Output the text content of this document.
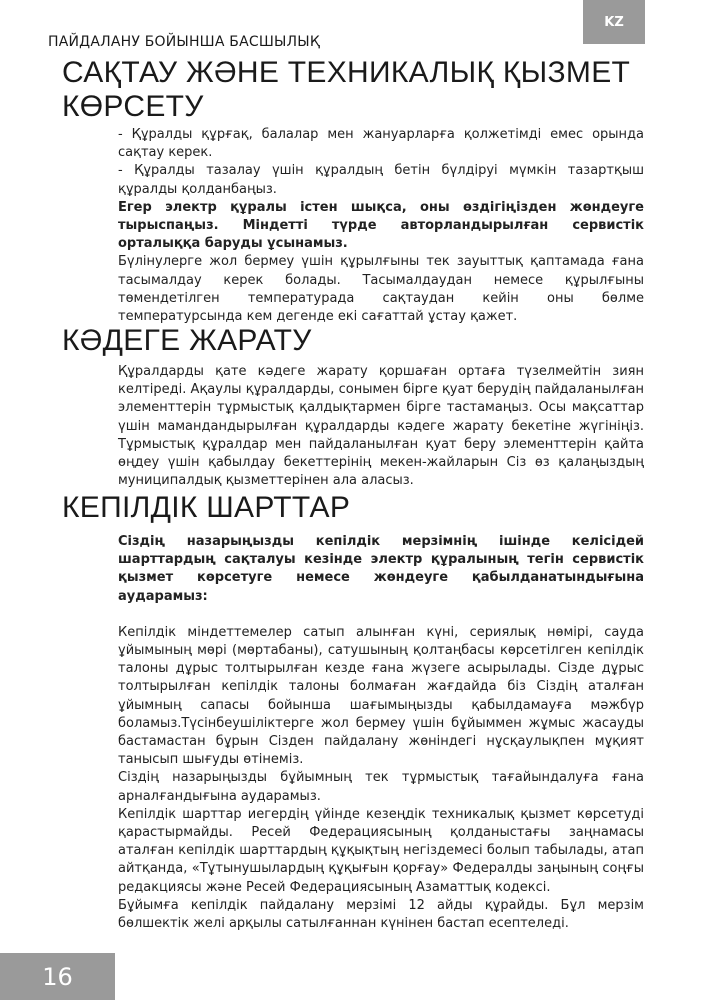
KZ
ПАЙДАЛАНУ БОЙЫНША БАСШЫЛЫҚ
САҚТАУ ЖӘНЕ ТЕХНИКАЛЫҚ ҚЫЗМЕТ
КӨРСЕТУ

- Құралды құрғақ, балалар мен жануарларға қолжетімді емес орында сақтау керек.

- Құралды тазалау үшін құралдың бетін бүлдіруі мүмкін тазартқыш құралды қолданбаңыз.

Егер электр құралы істен шықса, оны өздігіңізден жөндеуге тырыспаңыз. Міндетті түрде авторландырылған сервистік орталыққа баруды ұсынамыз.

Бүлінулерге жол бермеу үшін құрылғыны тек зауыттық қаптамада ғана тасымалдау керек болады. Тасымалдаудан немесе құрылғыны төмендетілген температурада сақтаудан кейін оны бөлме температурсында кем дегенде екі сағаттай ұстау қажет.

КӘДЕГЕ ЖАРАТУ

Құралдарды қате кәдеге жарату қоршаған ортаға түзелмейтін зиян келтіреді. Ақаулы құралдарды, сонымен бірге қуат берудің пайдаланылған элементтерін тұрмыстық қалдықтармен бірге тастамаңыз. Осы мақсаттар үшін мамандандырылған құралдарды кәдеге жарату бекетіне жүгініңіз. Тұрмыстық құралдар мен пайдаланылған қуат беру элементтерін қайта өңдеу үшін қабылдау бекеттерінің мекен-жайларын Сіз өз қалаңыздың муниципалдық қызметтерінен ала аласыз.

КЕПІЛДІК ШАРТТАР

Сіздің назарыңызды кепілдік мерзімнің ішінде келісідей шарттардың сақталуы кезінде электр құралының тегін сервистік қызмет көрсетуге немесе жөндеуге қабылданатындығына аударамыз:

Кепілдік міндеттемелер сатып алынған күні, сериялық нөмірі, сауда ұйымының мөрі (мөртабаны), сатушының қолтаңбасы көрсетілген кепілдік талоны дұрыс толтырылған кезде ғана жүзеге асырылады. Сізде дұрыс толтырылған кепілдік талоны болмаған жағдайда біз Сіздің аталған ұйымның сапасы бойынша шағымыңызды қабылдамауға мәжбүр боламыз.Түсінбеушіліктерге жол бермеу үшін бұйыммен жұмыс жасауды бастамастан бұрын Сізден пайдалану жөніндегі нұсқаулықпен мұқият танысып шығуды өтінеміз.

Сіздің назарыңызды бұйымның тек тұрмыстық тағайындалуға ғана арналғандығына аударамыз.

Кепілдік шарттар иегердің үйінде кезеңдік техникалық қызмет көрсетуді қарастырмайды. Ресей Федерациясының қолданыстағы заңнамасы аталған кепілдік шарттардың құқықтың негіздемесі болып табылады, атап айтқанда, «Тұтынушылардың құқығын қорғау» Федералды заңының соңғы редакциясы және Ресей Федерациясының Азаматтық кодексі.

Бұйымға кепілдік пайдалану мерзімі 12 айды құрайды. Бұл мерзім бөлшектік желі арқылы сатылғаннан күнінен бастап есептеледі.

16
